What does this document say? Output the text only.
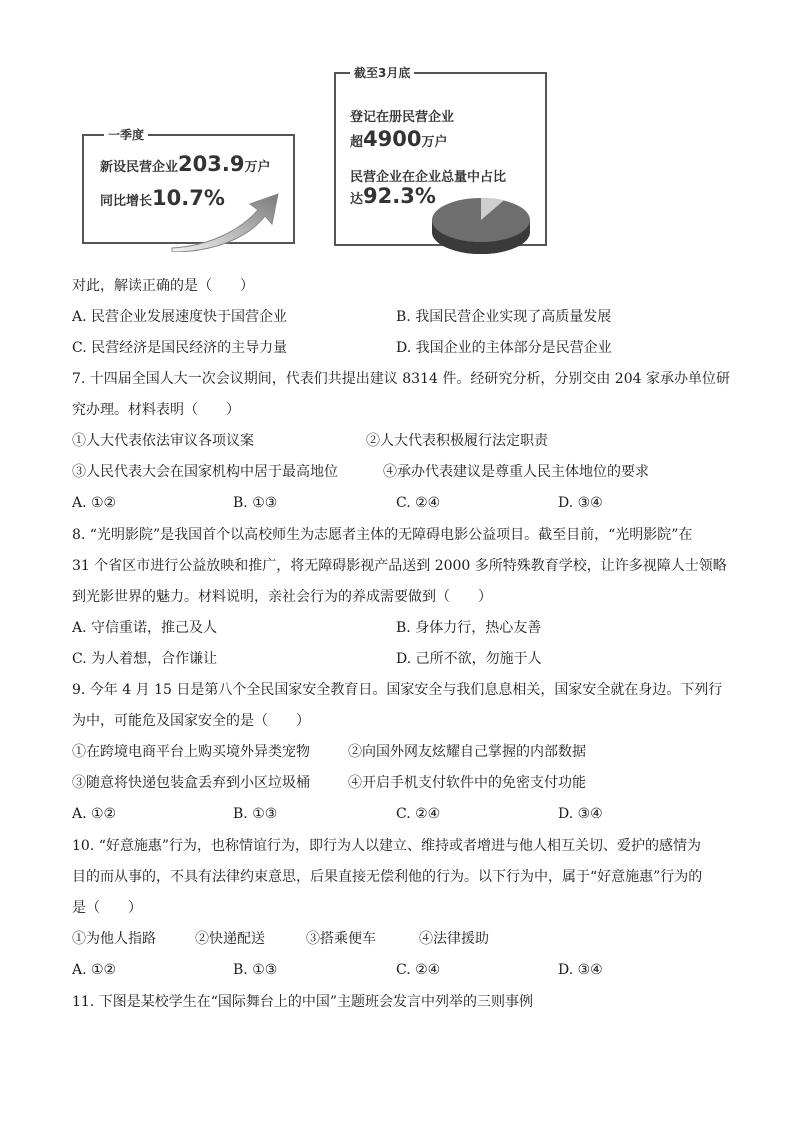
一季度
新设民营企业203.9万户
同比增长10.7%
截至3月底
登记在册民营企业
超4900万户
民营企业在企业总量中占比
达92.3%
对此，解读正确的是（　　）
A. 民营企业发展速度快于国营企业	B. 我国民营企业实现了高质量发展
C. 民营经济是国民经济的主导力量	D. 我国企业的主体部分是民营企业
7. 十四届全国人大一次会议期间，代表们共提出建议 8314 件。经研究分析，分别交由 204 家承办单位研
究办理。材料表明（　　）
①人大代表依法审议各项议案	②人大代表积极履行法定职责
③人民代表大会在国家机构中居于最高地位	④承办代表建议是尊重人民主体地位的要求
A. ①②	B. ①③	C. ②④	D. ③④
8. “光明影院”是我国首个以高校师生为志愿者主体的无障碍电影公益项目。截至目前，“光明影院”在
31 个省区市进行公益放映和推广，将无障碍影视产品送到 2000 多所特殊教育学校，让许多视障人士领略
到光影世界的魅力。材料说明，亲社会行为的养成需要做到（　　）
A. 守信重诺，推己及人	B. 身体力行，热心友善
C. 为人着想，合作谦让	D. 己所不欲，勿施于人
9. 今年 4 月 15 日是第八个全民国家安全教育日。国家安全与我们息息相关，国家安全就在身边。下列行
为中，可能危及国家安全的是（　　）
①在跨境电商平台上购买境外异类宠物	②向国外网友炫耀自己掌握的内部数据
③随意将快递包装盒丢弃到小区垃圾桶	④开启手机支付软件中的免密支付功能
A. ①②	B. ①③	C. ②④	D. ③④
10. “好意施惠”行为，也称情谊行为，即行为人以建立、维持或者增进与他人相互关切、爱护的感情为
目的而从事的，不具有法律约束意思，后果直接无偿利他的行为。以下行为中，属于“好意施惠”行为的
是（　　）
①为他人指路	②快递配送	③搭乘便车	④法律援助
A. ①②	B. ①③	C. ②④	D. ③④
11. 下图是某校学生在“国际舞台上的中国”主题班会发言中列举的三则事例
